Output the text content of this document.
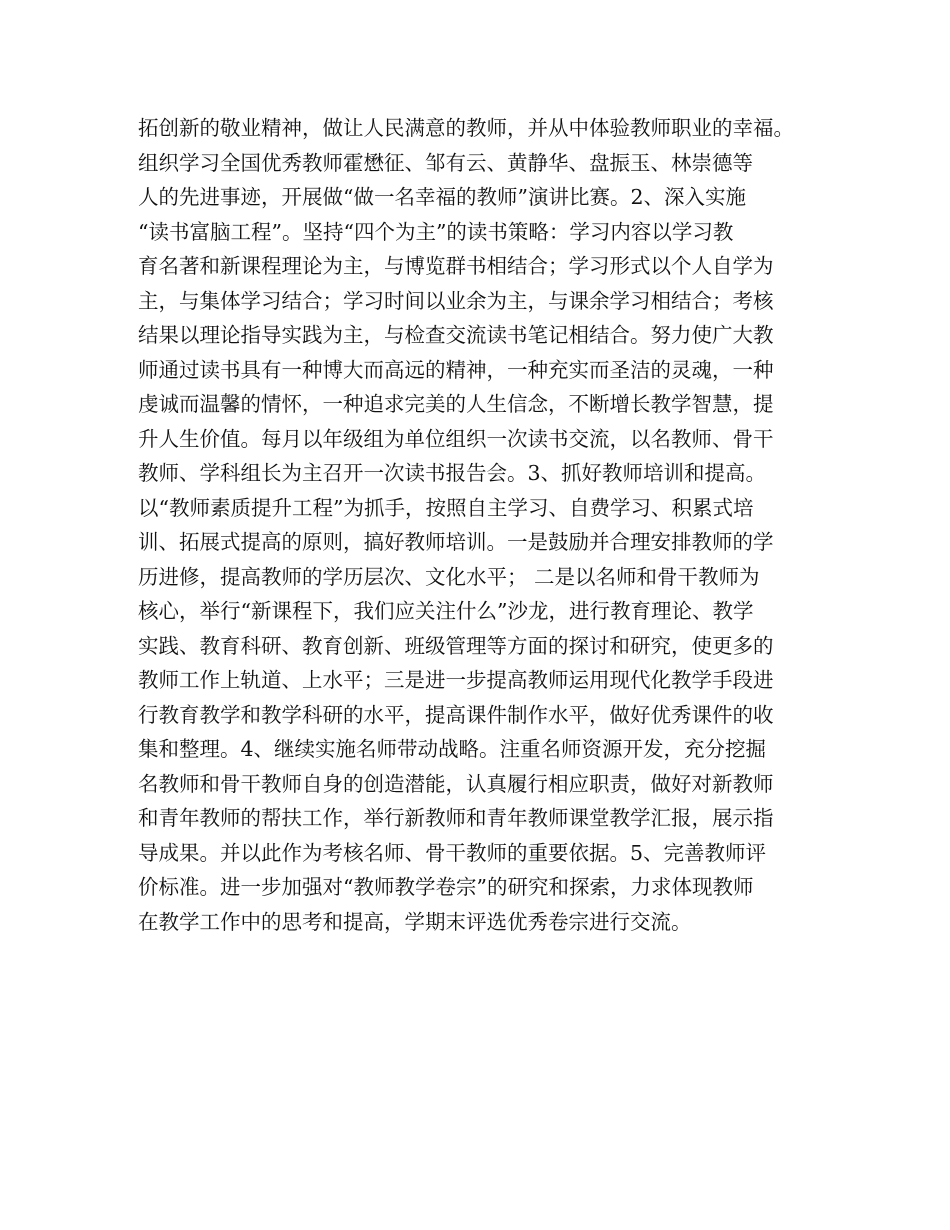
拓创新的敬业精神，做让人民满意的教师，并从中体验教师职业的幸福。
组织学习全国优秀教师霍懋征、邹有云、黄静华、盘振玉、林崇德等
人的先进事迹，开展做“做一名幸福的教师”演讲比赛。2、深入实施
“读书富脑工程”。坚持“四个为主”的读书策略：学习内容以学习教
育名著和新课程理论为主，与博览群书相结合；学习形式以个人自学为
主，与集体学习结合；学习时间以业余为主，与课余学习相结合；考核
结果以理论指导实践为主，与检查交流读书笔记相结合。努力使广大教
师通过读书具有一种博大而高远的精神，一种充实而圣洁的灵魂，一种
虔诚而温馨的情怀，一种追求完美的人生信念，不断增长教学智慧，提
升人生价值。每月以年级组为单位组织一次读书交流，以名教师、骨干
教师、学科组长为主召开一次读书报告会。3、抓好教师培训和提高。
以“教师素质提升工程”为抓手，按照自主学习、自费学习、积累式培
训、拓展式提高的原则，搞好教师培训。一是鼓励并合理安排教师的学
历进修，提高教师的学历层次、文化水平； 二是以名师和骨干教师为
核心，举行“新课程下，我们应关注什么”沙龙，进行教育理论、教学
实践、教育科研、教育创新、班级管理等方面的探讨和研究，使更多的
教师工作上轨道、上水平；三是进一步提高教师运用现代化教学手段进
行教育教学和教学科研的水平，提高课件制作水平，做好优秀课件的收
集和整理。4、继续实施名师带动战略。注重名师资源开发，充分挖掘
名教师和骨干教师自身的创造潜能，认真履行相应职责，做好对新教师
和青年教师的帮扶工作，举行新教师和青年教师课堂教学汇报，展示指
导成果。并以此作为考核名师、骨干教师的重要依据。5、完善教师评
价标准。进一步加强对“教师教学卷宗”的研究和探索，力求体现教师
在教学工作中的思考和提高，学期末评选优秀卷宗进行交流。
